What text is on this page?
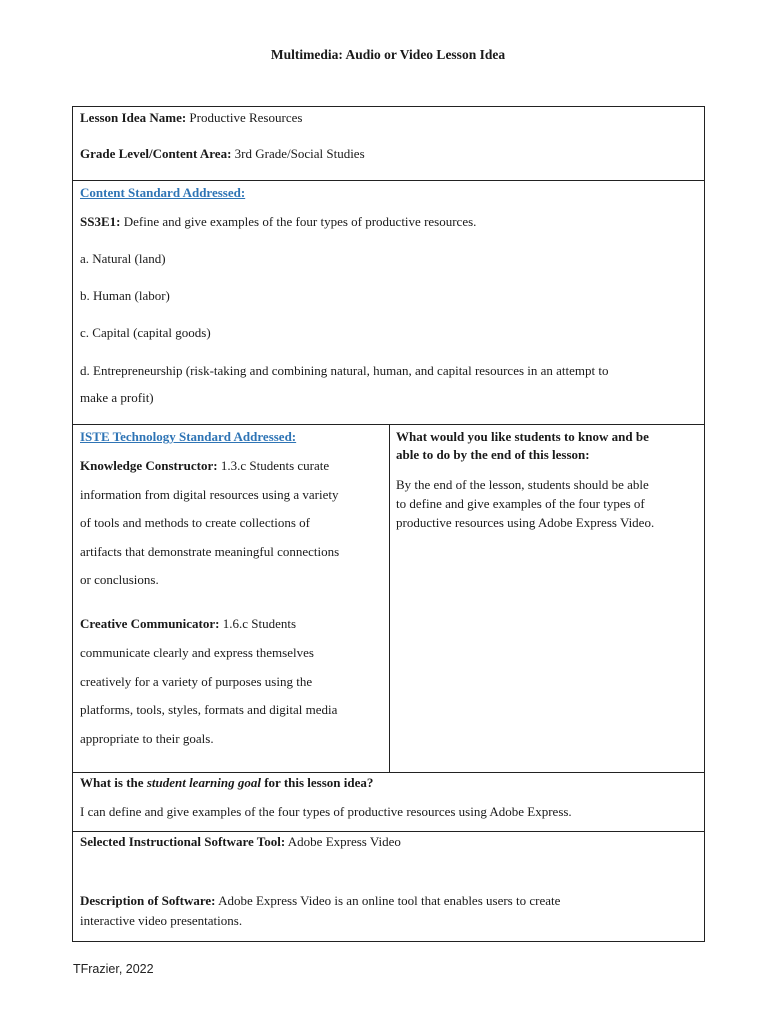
Multimedia: Audio or Video Lesson Idea
Lesson Idea Name: Productive Resources
Grade Level/Content Area: 3rd Grade/Social Studies
Content Standard Addressed:
SS3E1: Define and give examples of the four types of productive resources.
a. Natural (land)
b. Human (labor)
c. Capital (capital goods)
d. Entrepreneurship (risk-taking and combining natural, human, and capital resources in an attempt to
make a profit)
ISTE Technology Standard Addressed:
Knowledge Constructor: 1.3.c Students curate
information from digital resources using a variety
of tools and methods to create collections of
artifacts that demonstrate meaningful connections
or conclusions.
Creative Communicator: 1.6.c Students
communicate clearly and express themselves
creatively for a variety of purposes using the
platforms, tools, styles, formats and digital media
appropriate to their goals.
What would you like students to know and be
able to do by the end of this lesson:
By the end of the lesson, students should be able
to define and give examples of the four types of
productive resources using Adobe Express Video.
What is the student learning goal for this lesson idea?
I can define and give examples of the four types of productive resources using Adobe Express.
Selected Instructional Software Tool: Adobe Express Video
Description of Software: Adobe Express Video is an online tool that enables users to create
interactive video presentations.
TFrazier, 2022
